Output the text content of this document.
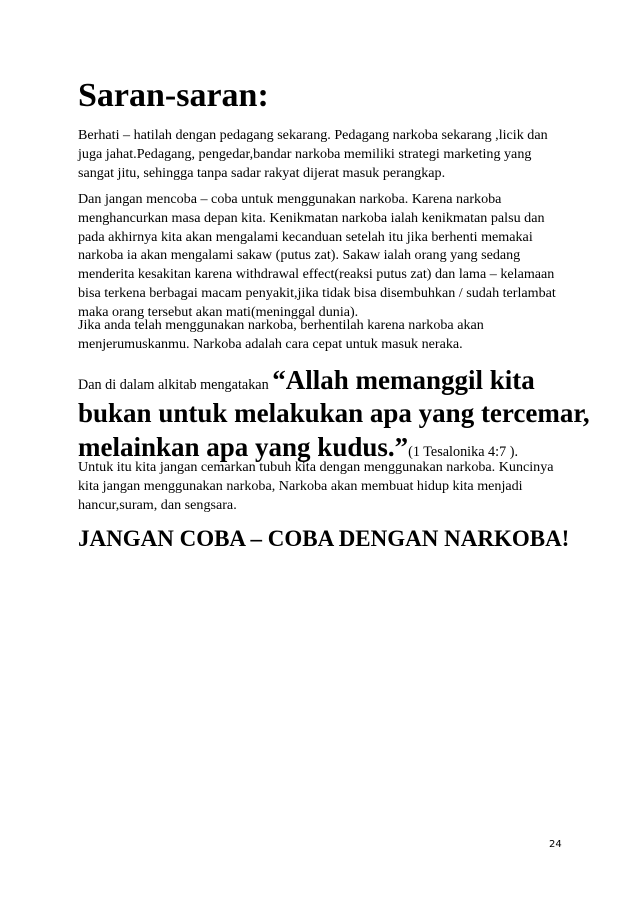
Saran-saran:

Berhati – hatilah dengan pedagang sekarang. Pedagang narkoba sekarang ,licik dan
juga jahat.Pedagang, pengedar,bandar narkoba memiliki strategi marketing yang
sangat jitu, sehingga tanpa sadar rakyat dijerat masuk perangkap.

Dan jangan mencoba – coba untuk menggunakan narkoba. Karena narkoba
menghancurkan masa depan kita. Kenikmatan narkoba ialah kenikmatan palsu dan
pada akhirnya kita akan mengalami kecanduan setelah itu jika berhenti memakai
narkoba ia akan mengalami sakaw (putus zat). Sakaw ialah orang yang sedang
menderita kesakitan karena withdrawal effect(reaksi putus zat) dan lama – kelamaan
bisa terkena berbagai macam penyakit,jika tidak bisa disembuhkan / sudah terlambat
maka orang tersebut akan mati(meninggal dunia).

Jika anda telah menggunakan narkoba, berhentilah karena narkoba akan
menjerumuskanmu. Narkoba adalah cara cepat untuk masuk neraka.

Dan di dalam alkitab mengatakan “Allah memanggil kita
bukan untuk melakukan apa yang tercemar,
melainkan apa yang kudus.”(1 Tesalonika 4:7 ).

Untuk itu kita jangan cemarkan tubuh kita dengan menggunakan narkoba. Kuncinya
kita jangan menggunakan narkoba, Narkoba akan membuat hidup kita menjadi
hancur,suram, dan sengsara.

JANGAN COBA – COBA DENGAN NARKOBA!
24
